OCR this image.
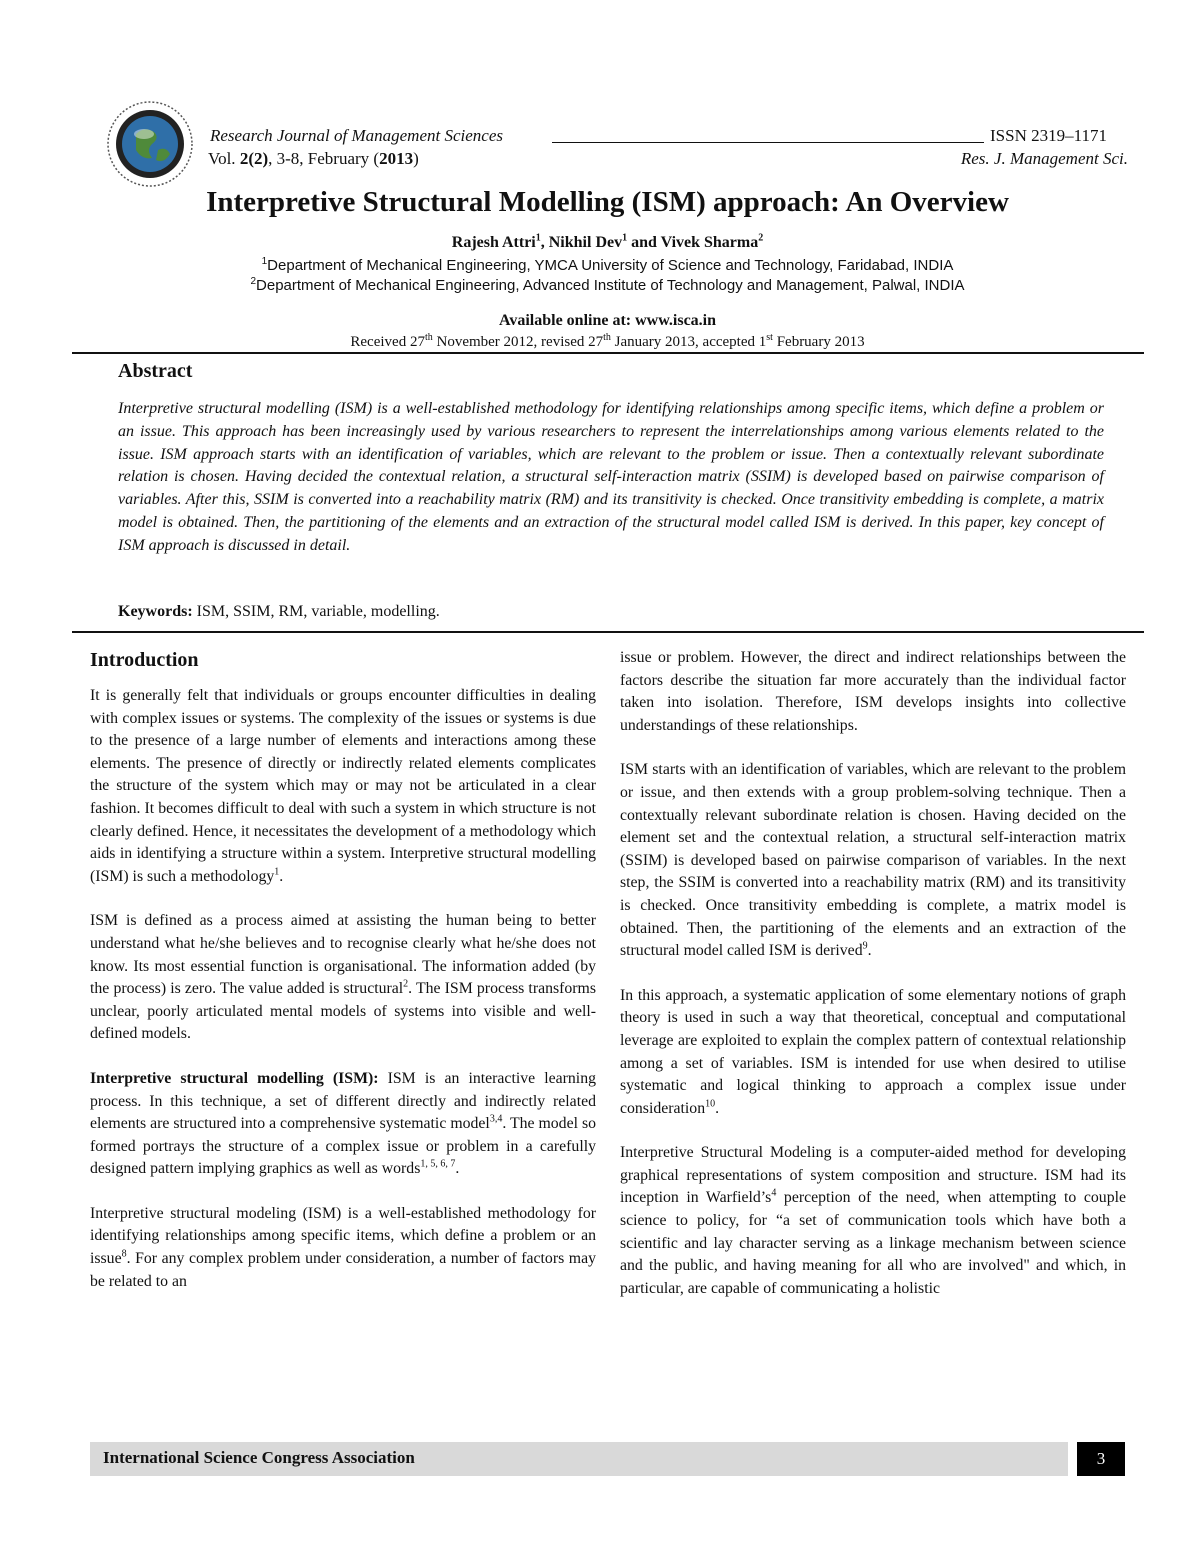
Research Journal of Management Sciences	ISSN 2319–1171
Vol. 2(2), 3-8, February (2013)	Res. J. Management Sci.
Interpretive Structural Modelling (ISM) approach: An Overview
Rajesh Attri$^1$, Nikhil Dev$^1$ and Vivek Sharma$^2$
$^1$Department of Mechanical Engineering, YMCA University of Science and Technology, Faridabad, INDIA
$^2$Department of Mechanical Engineering, Advanced Institute of Technology and Management, Palwal, INDIA
Available online at: www.isca.in
Received 27th November 2012, revised 27th January 2013, accepted 1st February 2013
Abstract
Interpretive structural modelling (ISM) is a well-established methodology for identifying relationships among specific items, which define a problem or an issue. This approach has been increasingly used by various researchers to represent the interrelationships among various elements related to the issue. ISM approach starts with an identification of variables, which are relevant to the problem or issue. Then a contextually relevant subordinate relation is chosen. Having decided the contextual relation, a structural self-interaction matrix (SSIM) is developed based on pairwise comparison of variables. After this, SSIM is converted into a reachability matrix (RM) and its transitivity is checked. Once transitivity embedding is complete, a matrix model is obtained. Then, the partitioning of the elements and an extraction of the structural model called ISM is derived. In this paper, key concept of ISM approach is discussed in detail.
Keywords: ISM, SSIM, RM, variable, modelling.
Introduction

It is generally felt that individuals or groups encounter difficulties in dealing with complex issues or systems. The complexity of the issues or systems is due to the presence of a large number of elements and interactions among these elements. The presence of directly or indirectly related elements complicates the structure of the system which may or may not be articulated in a clear fashion. It becomes difficult to deal with such a system in which structure is not clearly defined. Hence, it necessitates the development of a methodology which aids in identifying a structure within a system. Interpretive structural modelling (ISM) is such a methodology$^1$.

ISM is defined as a process aimed at assisting the human being to better understand what he/she believes and to recognise clearly what he/she does not know. Its most essential function is organisational. The information added (by the process) is zero. The value added is structural$^2$. The ISM process transforms unclear, poorly articulated mental models of systems into visible and well-defined models.

Interpretive structural modelling (ISM): ISM is an interactive learning process. In this technique, a set of different directly and indirectly related elements are structured into a comprehensive systematic model$^{3,4}$. The model so formed portrays the structure of a complex issue or problem in a carefully designed pattern implying graphics as well as words$^{1, 5, 6, 7}$.

Interpretive structural modeling (ISM) is a well-established methodology for identifying relationships among specific items, which define a problem or an issue$^8$. For any complex problem under consideration, a number of factors may be related to an

issue or problem. However, the direct and indirect relationships between the factors describe the situation far more accurately than the individual factor taken into isolation. Therefore, ISM develops insights into collective understandings of these relationships.

ISM starts with an identification of variables, which are relevant to the problem or issue, and then extends with a group problem-solving technique. Then a contextually relevant subordinate relation is chosen. Having decided on the element set and the contextual relation, a structural self-interaction matrix (SSIM) is developed based on pairwise comparison of variables. In the next step, the SSIM is converted into a reachability matrix (RM) and its transitivity is checked. Once transitivity embedding is complete, a matrix model is obtained. Then, the partitioning of the elements and an extraction of the structural model called ISM is derived$^9$.

In this approach, a systematic application of some elementary notions of graph theory is used in such a way that theoretical, conceptual and computational leverage are exploited to explain the complex pattern of contextual relationship among a set of variables. ISM is intended for use when desired to utilise systematic and logical thinking to approach a complex issue under consideration$^{10}$.

Interpretive Structural Modeling is a computer-aided method for developing graphical representations of system composition and structure. ISM had its inception in $Warfield’s^4$ perception of the need, when attempting to couple science to policy, for “a set of communication tools which have both a scientific and lay character serving as a linkage mechanism between science and the public, and having meaning for all who are involved" and which, in particular, are capable of communicating a holistic

International Science Congress Association	3
